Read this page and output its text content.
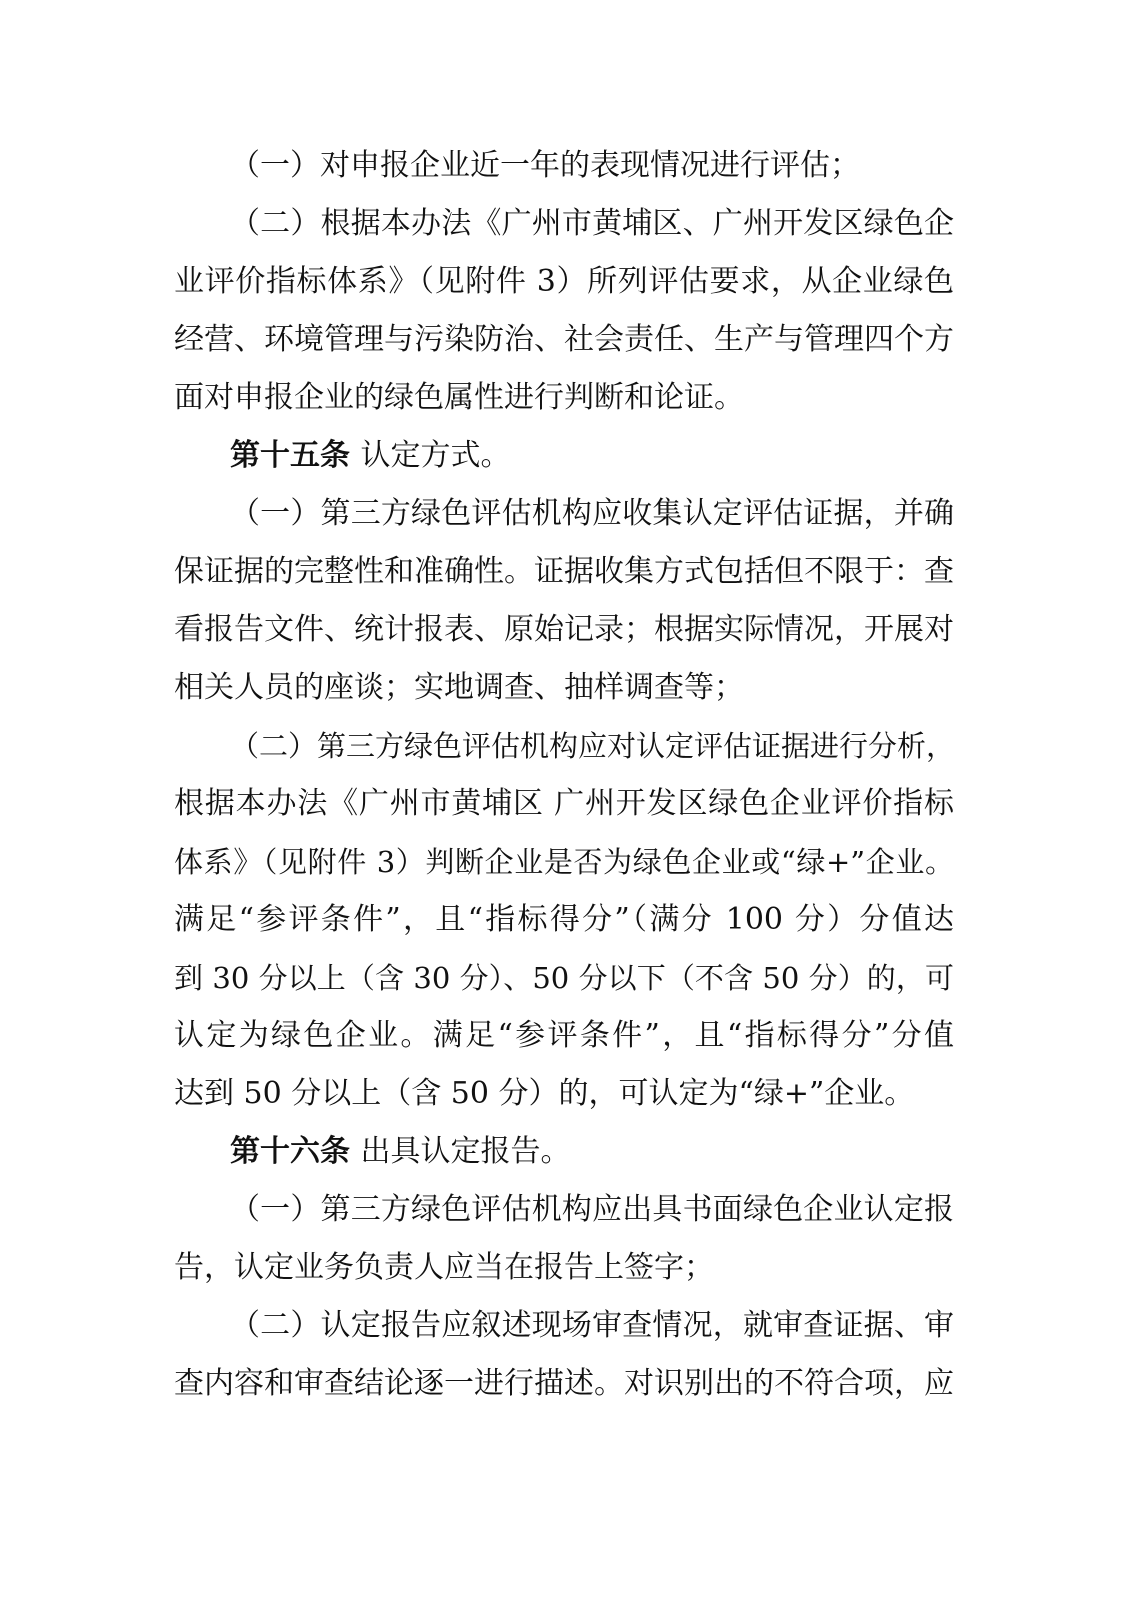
（一）对申报企业近一年的表现情况进行评估；

（二）根据本办法《广州市黄埔区、广州开发区绿色企

业评价指标体系》（见附件 3）所列评估要求，从企业绿色

经营、环境管理与污染防治、社会责任、生产与管理四个方

面对申报企业的绿色属性进行判断和论证。

第十五条 认定方式。

（一）第三方绿色评估机构应收集认定评估证据，并确

保证据的完整性和准确性。证据收集方式包括但不限于：查

看报告文件、统计报表、原始记录；根据实际情况，开展对

相关人员的座谈；实地调查、抽样调查等；

（二）第三方绿色评估机构应对认定评估证据进行分析，

根据本办法《广州市黄埔区 广州开发区绿色企业评价指标

体系》（见附件 3）判断企业是否为绿色企业或“绿+”企业。

满足“参评条件”，且“指标得分”（满分 100 分）分值达

到 30 分以上（含 30 分）、50 分以下（不含 50 分）的，可

认定为绿色企业。满足“参评条件”，且“指标得分”分值

达到 50 分以上（含 50 分）的，可认定为“绿+”企业。

第十六条 出具认定报告。

（一）第三方绿色评估机构应出具书面绿色企业认定报

告，认定业务负责人应当在报告上签字；

（二）认定报告应叙述现场审查情况，就审查证据、审

查内容和审查结论逐一进行描述。对识别出的不符合项，应
